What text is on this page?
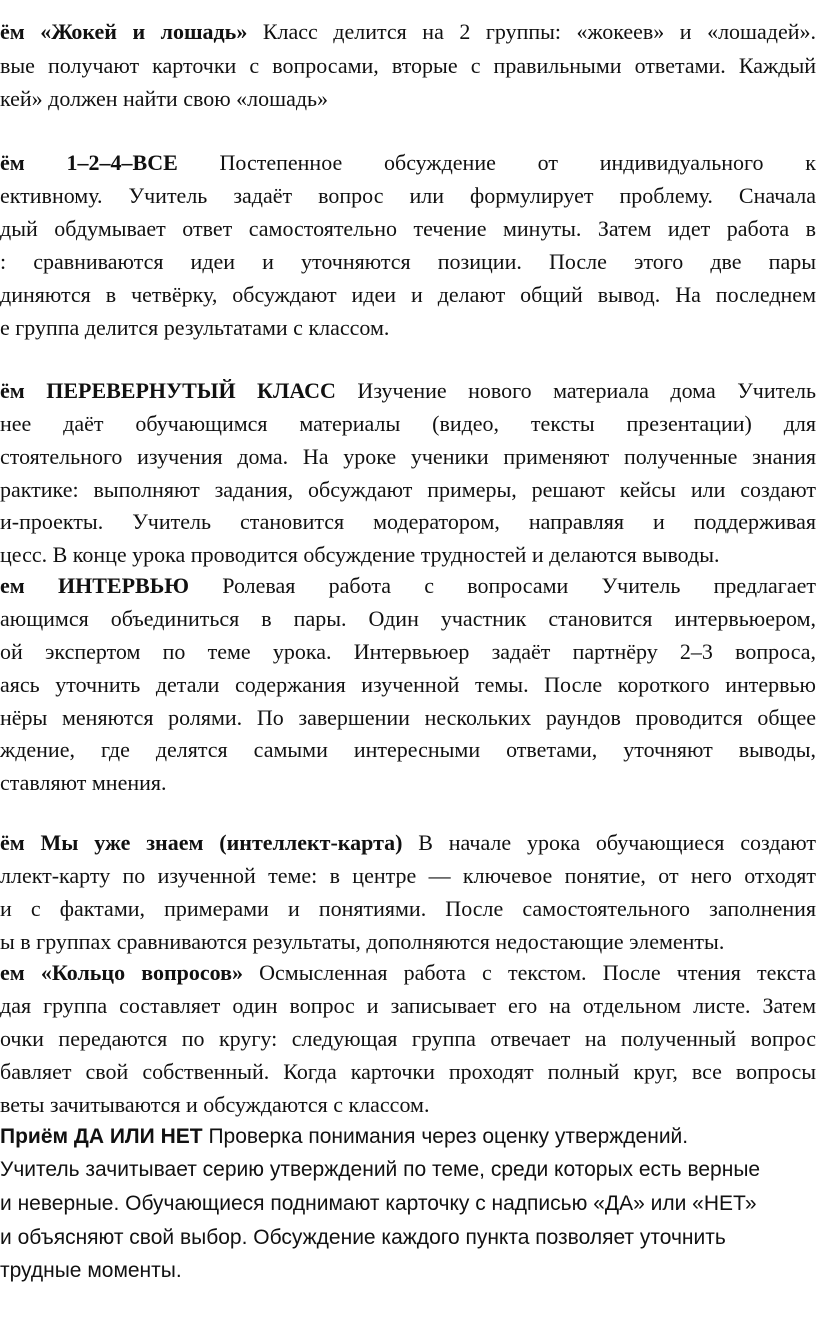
ём «Жокей и лошадь» Класс делится на 2 группы: «жокеев» и «лошадей».
вые получают карточки с вопросами, вторые с правильными ответами. Каждый
кей» должен найти свою «лошадь»
ём 1–2–4–ВСЕ Постепенное обсуждение от индивидуального к
ективному. Учитель задаёт вопрос или формулирует проблему. Сначала
дый обдумывает ответ самостоятельно течение минуты. Затем идет работа в
: сравниваются идеи и уточняются позиции. После этого две пары
диняются в четвёрку, обсуждают идеи и делают общий вывод. На последнем
е группа делится результатами с классом.
ём ПЕРЕВЕРНУТЫЙ КЛАСС Изучение нового материала дома Учитель
нее даёт обучающимся материалы (видео, тексты презентации) для
стоятельного изучения дома. На уроке ученики применяют полученные знания
рактике: выполняют задания, обсуждают примеры, решают кейсы или создают
и-проекты. Учитель становится модератором, направляя и поддерживая
цесс. В конце урока проводится обсуждение трудностей и делаются выводы.
ем ИНТЕРВЬЮ Ролевая работа с вопросами Учитель предлагает
ающимся объединиться в пары. Один участник становится интервьюером,
ой экспертом по теме урока. Интервьюер задаёт партнёру 2–3 вопроса,
аясь уточнить детали содержания изученной темы. После короткого интервью
нёры меняются ролями. По завершении нескольких раундов проводится общее
ждение, где делятся самыми интересными ответами, уточняют выводы,
ставляют мнения.
ём Мы уже знаем (интеллект-карта) В начале урока обучающиеся создают
ллект-карту по изученной теме: в центре — ключевое понятие, от него отходят
и с фактами, примерами и понятиями. После самостоятельного заполнения
ы в группах сравниваются результаты, дополняются недостающие элементы.
ем «Кольцо вопросов» Осмысленная работа с текстом. После чтения текста
дая группа составляет один вопрос и записывает его на отдельном листе. Затем
очки передаются по кругу: следующая группа отвечает на полученный вопрос
бавляет свой собственный. Когда карточки проходят полный круг, все вопросы
веты зачитываются и обсуждаются с классом.
Приём ДА ИЛИ НЕТ Проверка понимания через оценку утверждений.
Учитель зачитывает серию утверждений по теме, среди которых есть верные
и неверные. Обучающиеся поднимают карточку с надписью «ДА» или «НЕТ»
и объясняют свой выбор. Обсуждение каждого пункта позволяет уточнить
трудные моменты.
